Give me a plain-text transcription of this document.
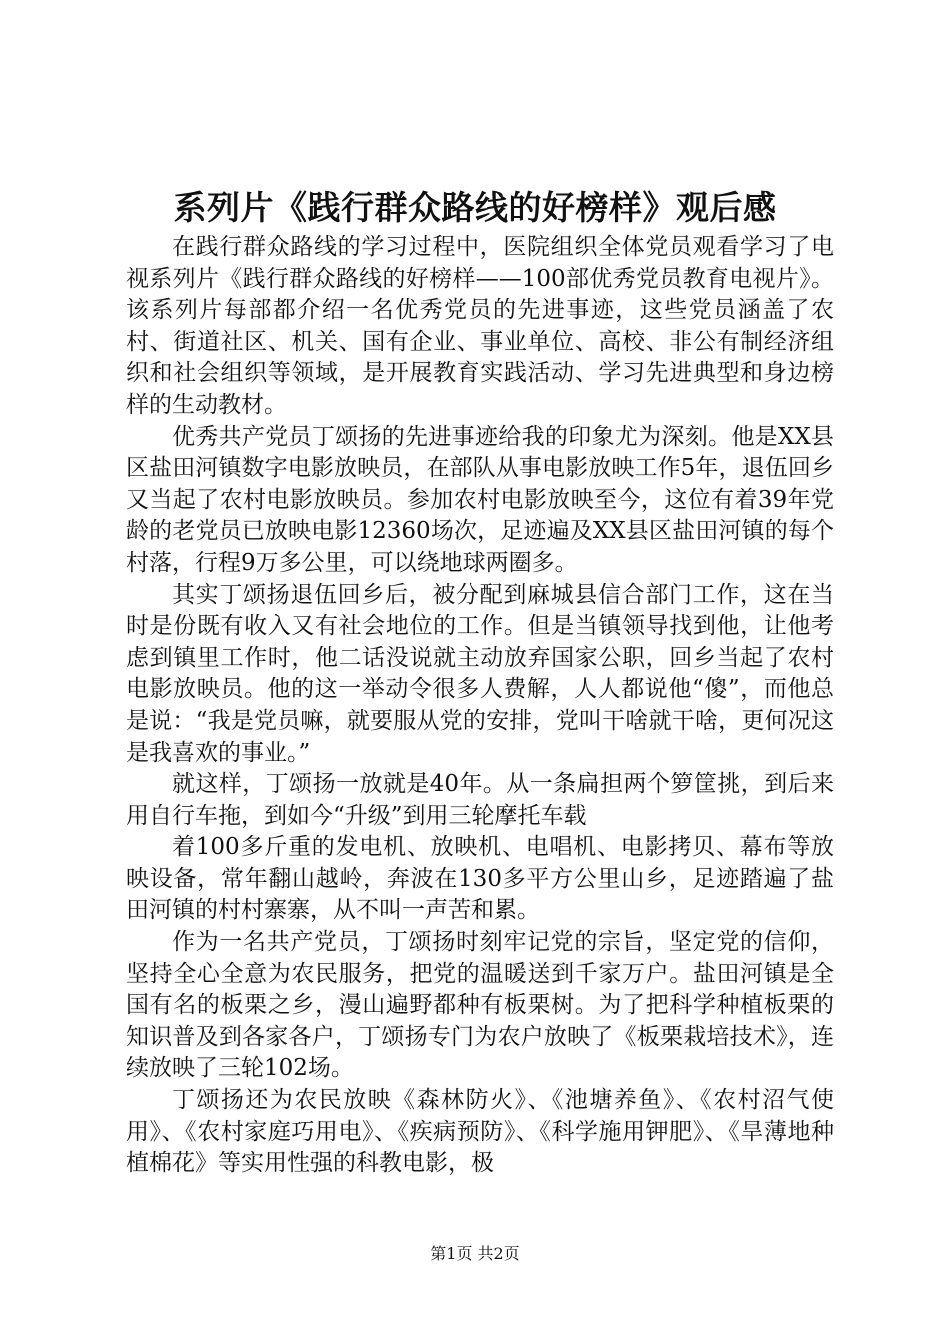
系列片《践行群众路线的好榜样》观后感

在践行群众路线的学习过程中，医院组织全体党员观看学习了电视系列片《践行群众路线的好榜样——100部优秀党员教育电视片》。该系列片每部都介绍一名优秀党员的先进事迹，这些党员涵盖了农村、街道社区、机关、国有企业、事业单位、高校、非公有制经济组织和社会组织等领域，是开展教育实践活动、学习先进典型和身边榜样的生动教材。

优秀共产党员丁颂扬的先进事迹给我的印象尤为深刻。他是XX县区盐田河镇数字电影放映员，在部队从事电影放映工作5年，退伍回乡又当起了农村电影放映员。参加农村电影放映至今，这位有着39年党龄的老党员已放映电影12360场次，足迹遍及XX县区盐田河镇的每个村落，行程9万多公里，可以绕地球两圈多。

其实丁颂扬退伍回乡后，被分配到麻城县信合部门工作，这在当时是份既有收入又有社会地位的工作。但是当镇领导找到他，让他考虑到镇里工作时，他二话没说就主动放弃国家公职，回乡当起了农村电影放映员。他的这一举动令很多人费解，人人都说他“傻”，而他总是说：“我是党员嘛，就要服从党的安排，党叫干啥就干啥，更何况这是我喜欢的事业。”

就这样，丁颂扬一放就是40年。从一条扁担两个箩筐挑，到后来用自行车拖，到如今“升级”到用三轮摩托车载

着100多斤重的发电机、放映机、电唱机、电影拷贝、幕布等放映设备，常年翻山越岭，奔波在130多平方公里山乡，足迹踏遍了盐田河镇的村村寨寨，从不叫一声苦和累。

作为一名共产党员，丁颂扬时刻牢记党的宗旨，坚定党的信仰，坚持全心全意为农民服务，把党的温暖送到千家万户。盐田河镇是全国有名的板栗之乡，漫山遍野都种有板栗树。为了把科学种植板栗的知识普及到各家各户，丁颂扬专门为农户放映了《板栗栽培技术》，连续放映了三轮102场。

丁颂扬还为农民放映《森林防火》、《池塘养鱼》、《农村沼气使用》、《农村家庭巧用电》、《疾病预防》、《科学施用钾肥》、《旱薄地种植棉花》等实用性强的科教电影，极

第1页 共2页
